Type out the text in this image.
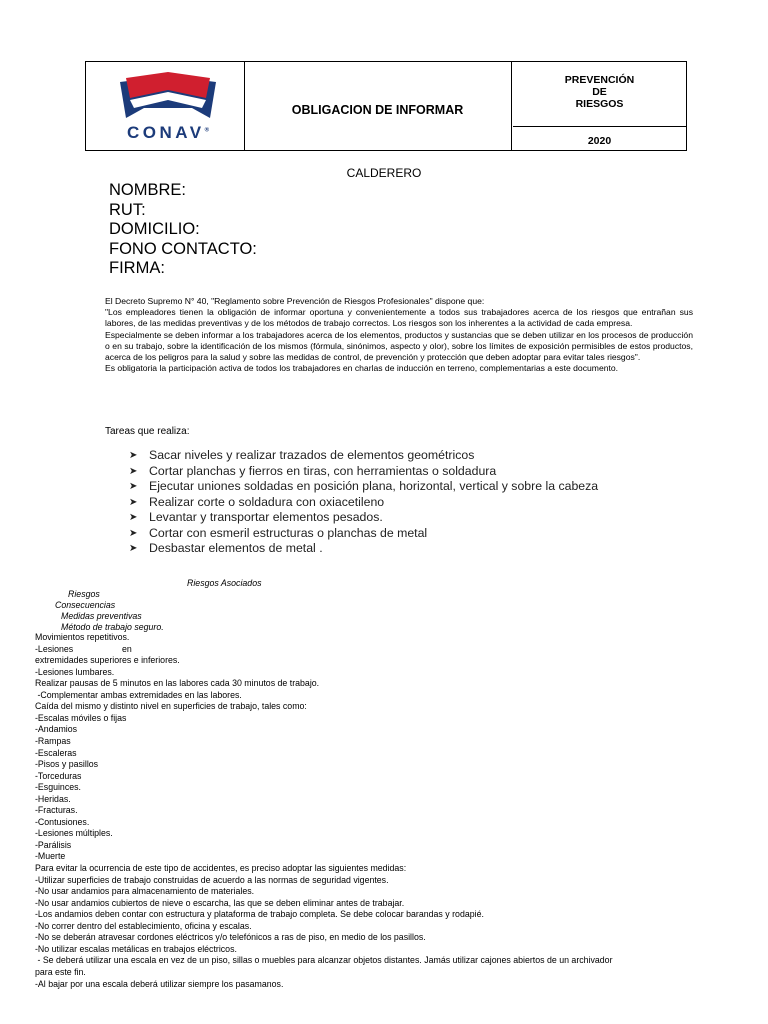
CONAV®
OBLIGACION DE INFORMAR
PREVENCIÓN
DE
RIESGOS
2020
CALDERERO
NOMBRE:
RUT:
DOMICILIO:
FONO CONTACTO:
FIRMA:

El Decreto Supremo N° 40, "Reglamento sobre Prevención de Riesgos Profesionales" dispone que:

"Los empleadores tienen la obligación de informar oportuna y convenientemente a todos sus trabajadores acerca de los riesgos que entrañan sus labores, de las medidas preventivas y de los métodos de trabajo correctos. Los riesgos son los inherentes a la actividad de cada empresa.

Especialmente se deben informar a los trabajadores acerca de los elementos, productos y sustancias que se deben utilizar en los procesos de producción o en su trabajo, sobre la identificación de los mismos (fórmula, sinónimos, aspecto y olor), sobre los límites de exposición permisibles de estos productos, acerca de los peligros para la salud y sobre las medidas de control, de prevención y protección que deben adoptar para evitar tales riesgos".

Es obligatoria la participación activa de todos los trabajadores en charlas de inducción en terreno, complementarias a este documento.

Tareas que realiza:
➤ Sacar niveles y realizar trazados de elementos geométricos
➤ Cortar planchas y fierros en tiras, con herramientas o soldadura
➤ Ejecutar uniones soldadas en posición plana, horizontal, vertical y sobre la cabeza
➤ Realizar corte o soldadura con oxiacetileno
➤ Levantar y transportar elementos pesados.
➤ Cortar con esmeril estructuras o planchas de metal
➤ Desbastar elementos de metal .
Riesgos Asociados
Riesgos
Consecuencias
Medidas preventivas
Método de trabajo seguro.
Movimientos repetitivos.
-Lesiones                    en
extremidades superiores e inferiores.
-Lesiones lumbares.
Realizar pausas de 5 minutos en las labores cada 30 minutos de trabajo.
-Complementar ambas extremidades en las labores.
Caída del mismo y distinto nivel en superficies de trabajo, tales como:
-Escalas móviles o fijas
-Andamios
-Rampas
-Escaleras
-Pisos y pasillos
-Torceduras
-Esguinces.
-Heridas.
-Fracturas.
-Contusiones.
-Lesiones múltiples.
-Parálisis
-Muerte
Para evitar la ocurrencia de este tipo de accidentes, es preciso adoptar las siguientes medidas:
-Utilizar superficies de trabajo construidas de acuerdo a las normas de seguridad vigentes.
-No usar andamios para almacenamiento de materiales.
-No usar andamios cubiertos de nieve o escarcha, las que se deben eliminar antes de trabajar.
-Los andamios deben contar con estructura y plataforma de trabajo completa. Se debe colocar barandas y rodapié.
-No correr dentro del establecimiento, oficina y escalas.
-No se deberán atravesar cordones eléctricos y/o telefónicos a ras de piso, en medio de los pasillos.
-No utilizar escalas metálicas en trabajos eléctricos.
- Se deberá utilizar una escala en vez de un piso, sillas o muebles para alcanzar objetos distantes. Jamás utilizar cajones abiertos de un archivador
para este fin.
-Al bajar por una escala deberá utilizar siempre los pasamanos.
